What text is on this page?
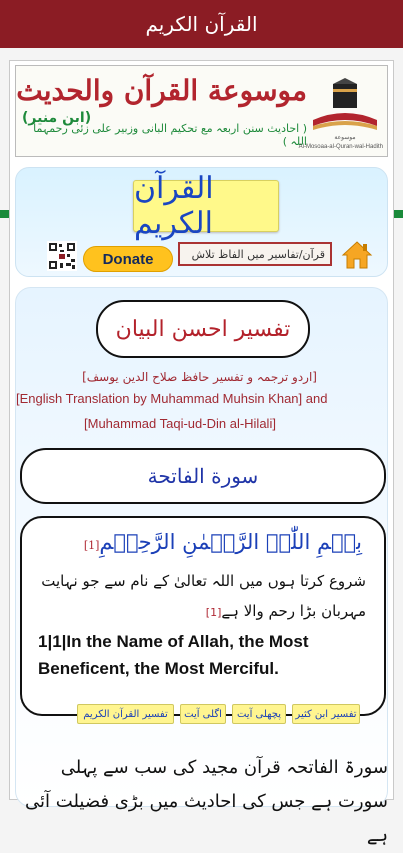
القرآن الکریم
موسوعة
موسوعة القرآن والحديث
( احادیث سنن اربعہ مع تحکیم البانی وزبیر علی زئی رحمہما اللہ )
(ابن منیر)
Al-Mosoaa-al-Quran-wal-Hadith
القرآن الکریم
قرآن/تفاسیر میں الفاظ تلاش
Donate
تفسیر احسن البیان
[اردو ترجمہ و تفسیر حافظ صلاح الدین یوسف]
[English Translation by Muhammad Muhsin Khan] and
[Muhammad Taqi-ud-Din al-Hilali]
سورة الفاتحة
بِسۡمِ اللّٰہِ الرَّحۡمٰنِ الرَّحِیۡمِ[1]
شروع کرتا ہوں میں اللہ تعالیٰ کے نام سے جو نہایت مہربان بڑا رحم والا ہے[1]
1|1|In the Name of Allah, the Most Beneficent, the Most Merciful.
تفسیر ابن کثیر
پچھلی آیت
اگلی آیت
تفسیر القرآن الکریم
سورۃ الفاتحہ قرآن مجید کی سب سے پہلی سورت ہے جس کی احادیث میں بڑی فضیلت آئی ہے
